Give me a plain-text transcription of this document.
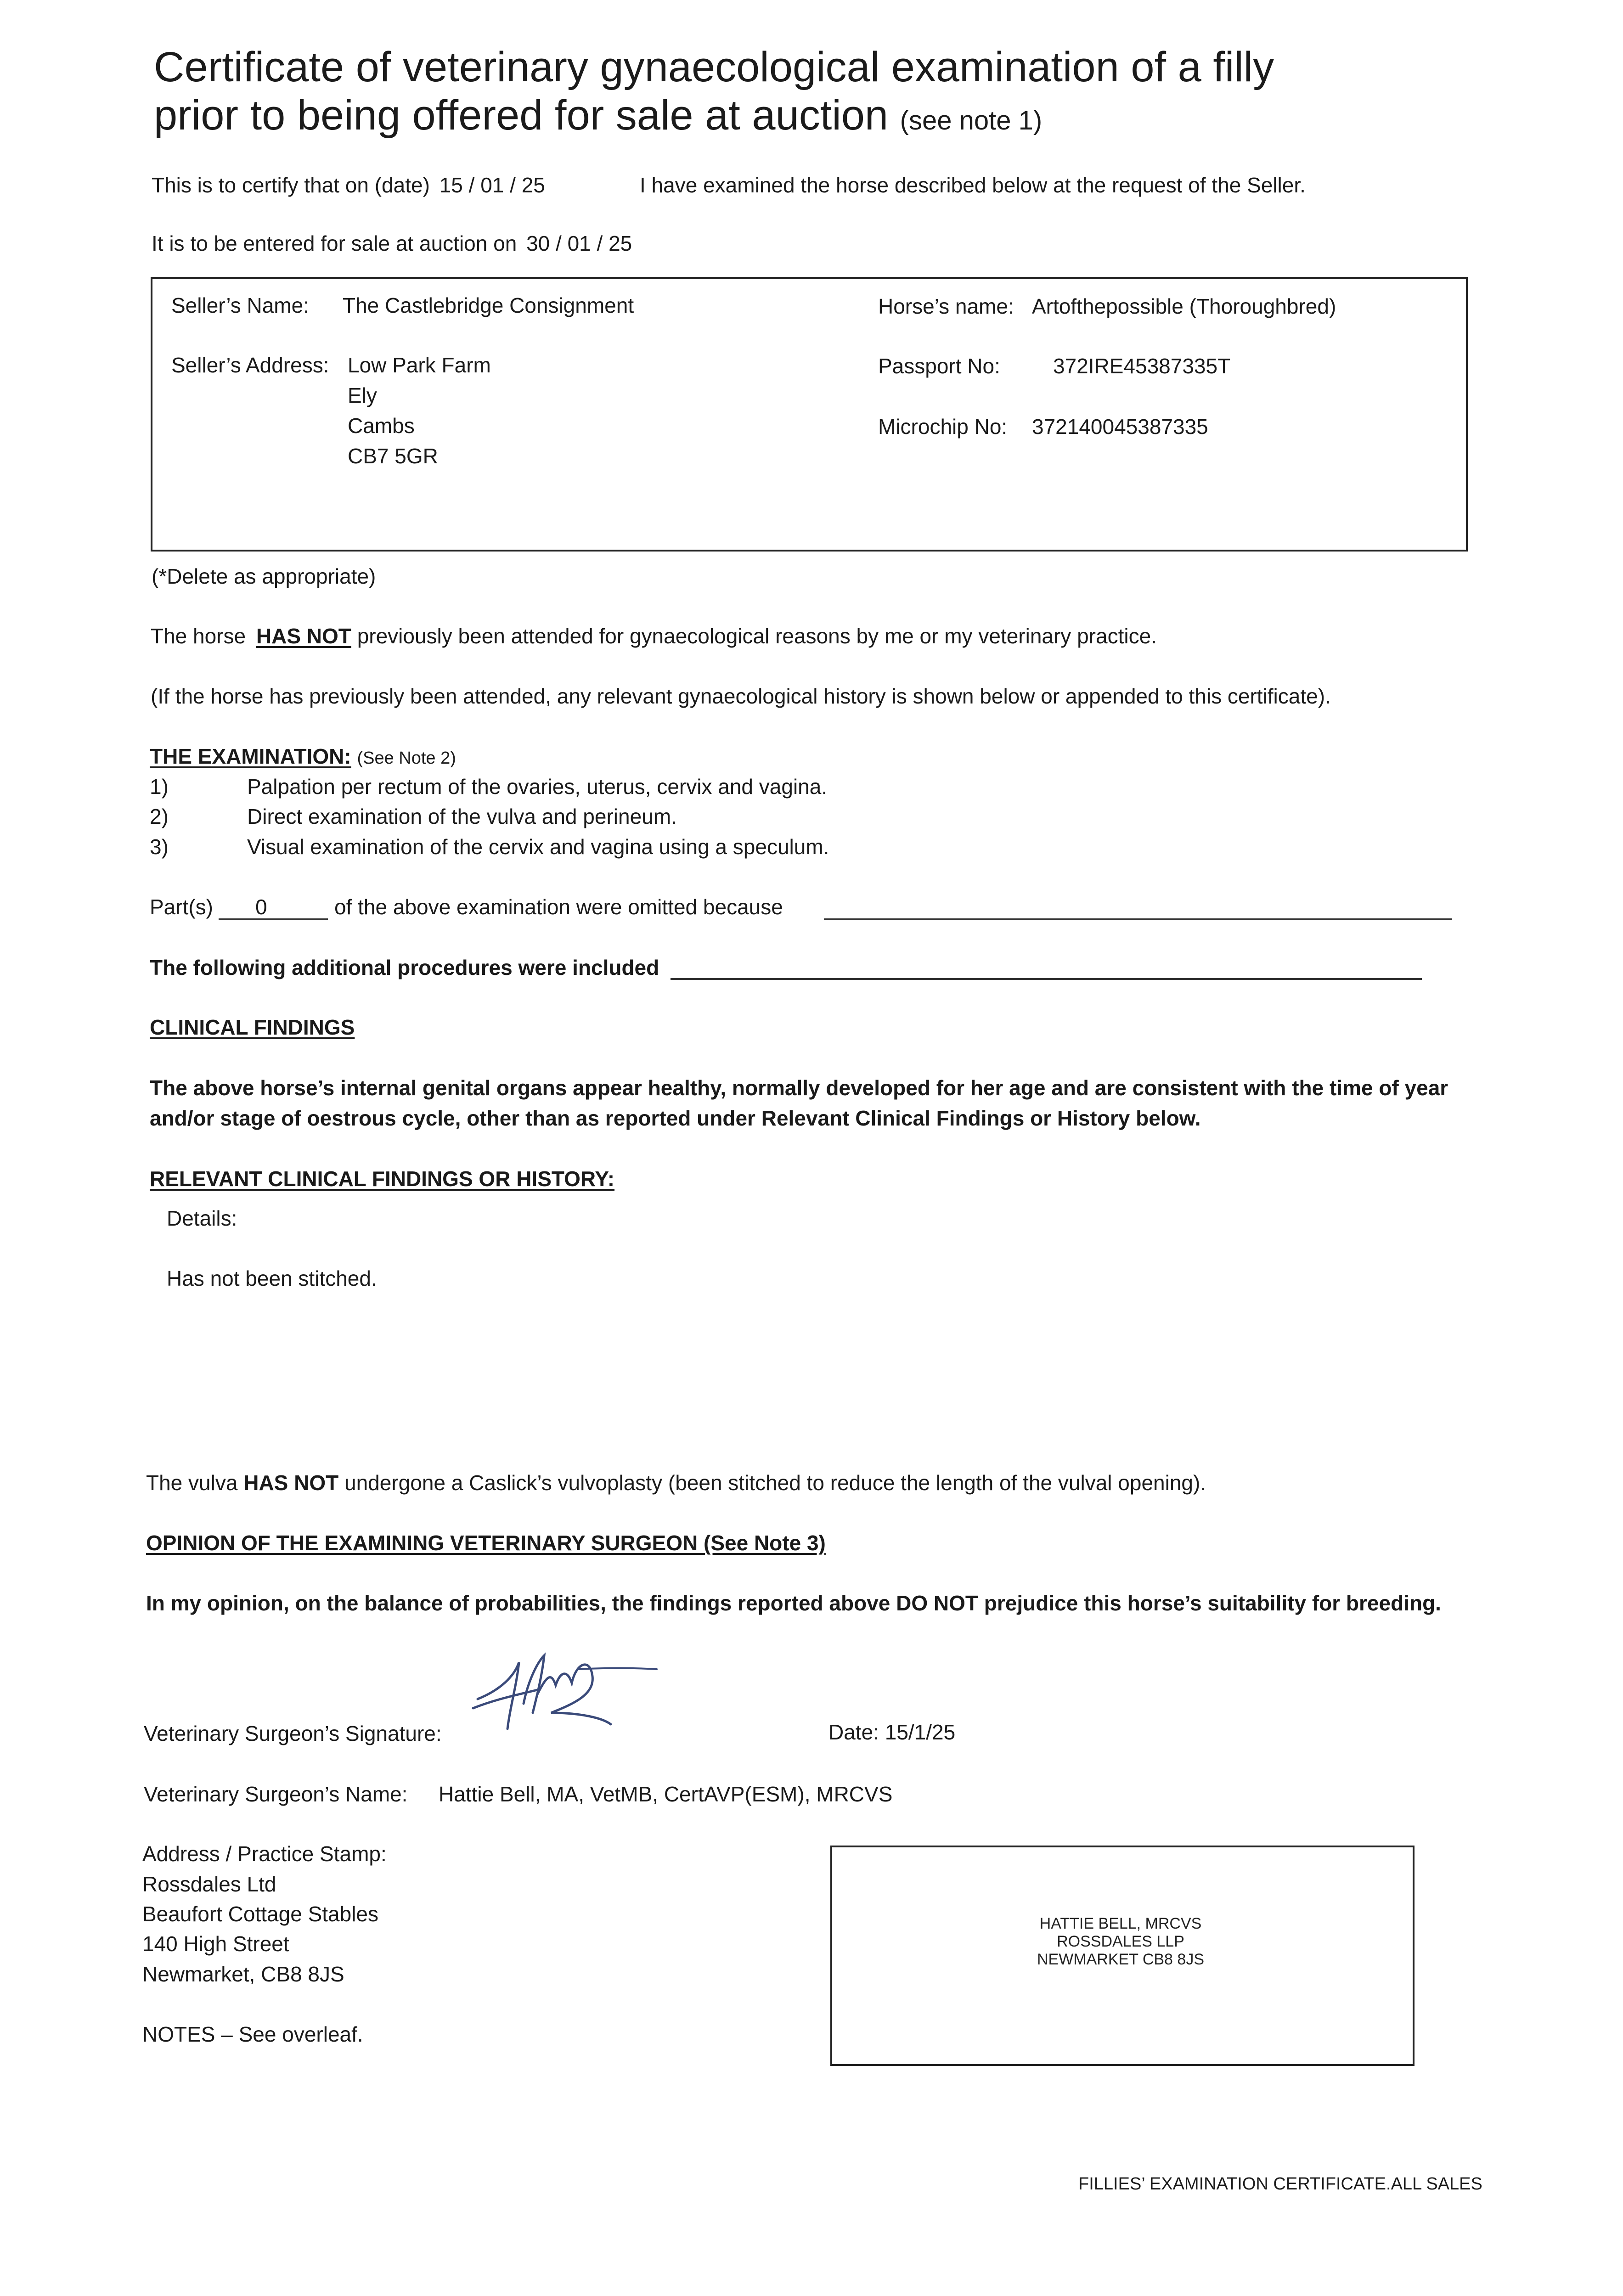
Certificate of veterinary gynaecological examination of a filly
prior to being offered for sale at auction (see note 1)
This is to certify that on (date) 15 / 01 / 25	I have examined the horse described below at the request of the Seller.
It is to be entered for sale at auction on 30 / 01 / 25
Seller’s Name: The Castlebridge Consignment
Seller’s Address: Low Park Farm
Ely
Cambs
CB7 5GR
Horse’s name: Artofthepossible (Thoroughbred)
Passport No:	372IRE45387335T
Microchip No: 372140045387335
(*Delete as appropriate)
The horse HAS NOT previously been attended for gynaecological reasons by me or my veterinary practice.
(If the horse has previously been attended, any relevant gynaecological history is shown below or appended to this certificate).
THE EXAMINATION: (See Note 2)
1)	Palpation per rectum of the ovaries, uterus, cervix and vagina.
2)	Direct examination of the vulva and perineum.
3)	Visual examination of the cervix and vagina using a speculum.
Part(s) 0	of the above examination were omitted because
The following additional procedures were included
CLINICAL FINDINGS
The above horse’s internal genital organs appear healthy, normally developed for her age and are consistent with the time of year
and/or stage of oestrous cycle, other than as reported under Relevant Clinical Findings or History below.
RELEVANT CLINICAL FINDINGS OR HISTORY:
Details:
Has not been stitched.
The vulva HAS NOT undergone a Caslick’s vulvoplasty (been stitched to reduce the length of the vulval opening).
OPINION OF THE EXAMINING VETERINARY SURGEON (See Note 3)
In my opinion, on the balance of probabilities, the findings reported above DO NOT prejudice this horse’s suitability for breeding.
Veterinary Surgeon’s Signature:	Date: 15/1/25
Veterinary Surgeon’s Name: Hattie Bell, MA, VetMB, CertAVP(ESM), MRCVS
Address / Practice Stamp:
Rossdales Ltd
Beaufort Cottage Stables
140 High Street
Newmarket, CB8 8JS
NOTES – See overleaf.
HATTIE BELL, MRCVS
ROSSDALES LLP
NEWMARKET CB8 8JS
FILLIES’ EXAMINATION CERTIFICATE.ALL SALES
